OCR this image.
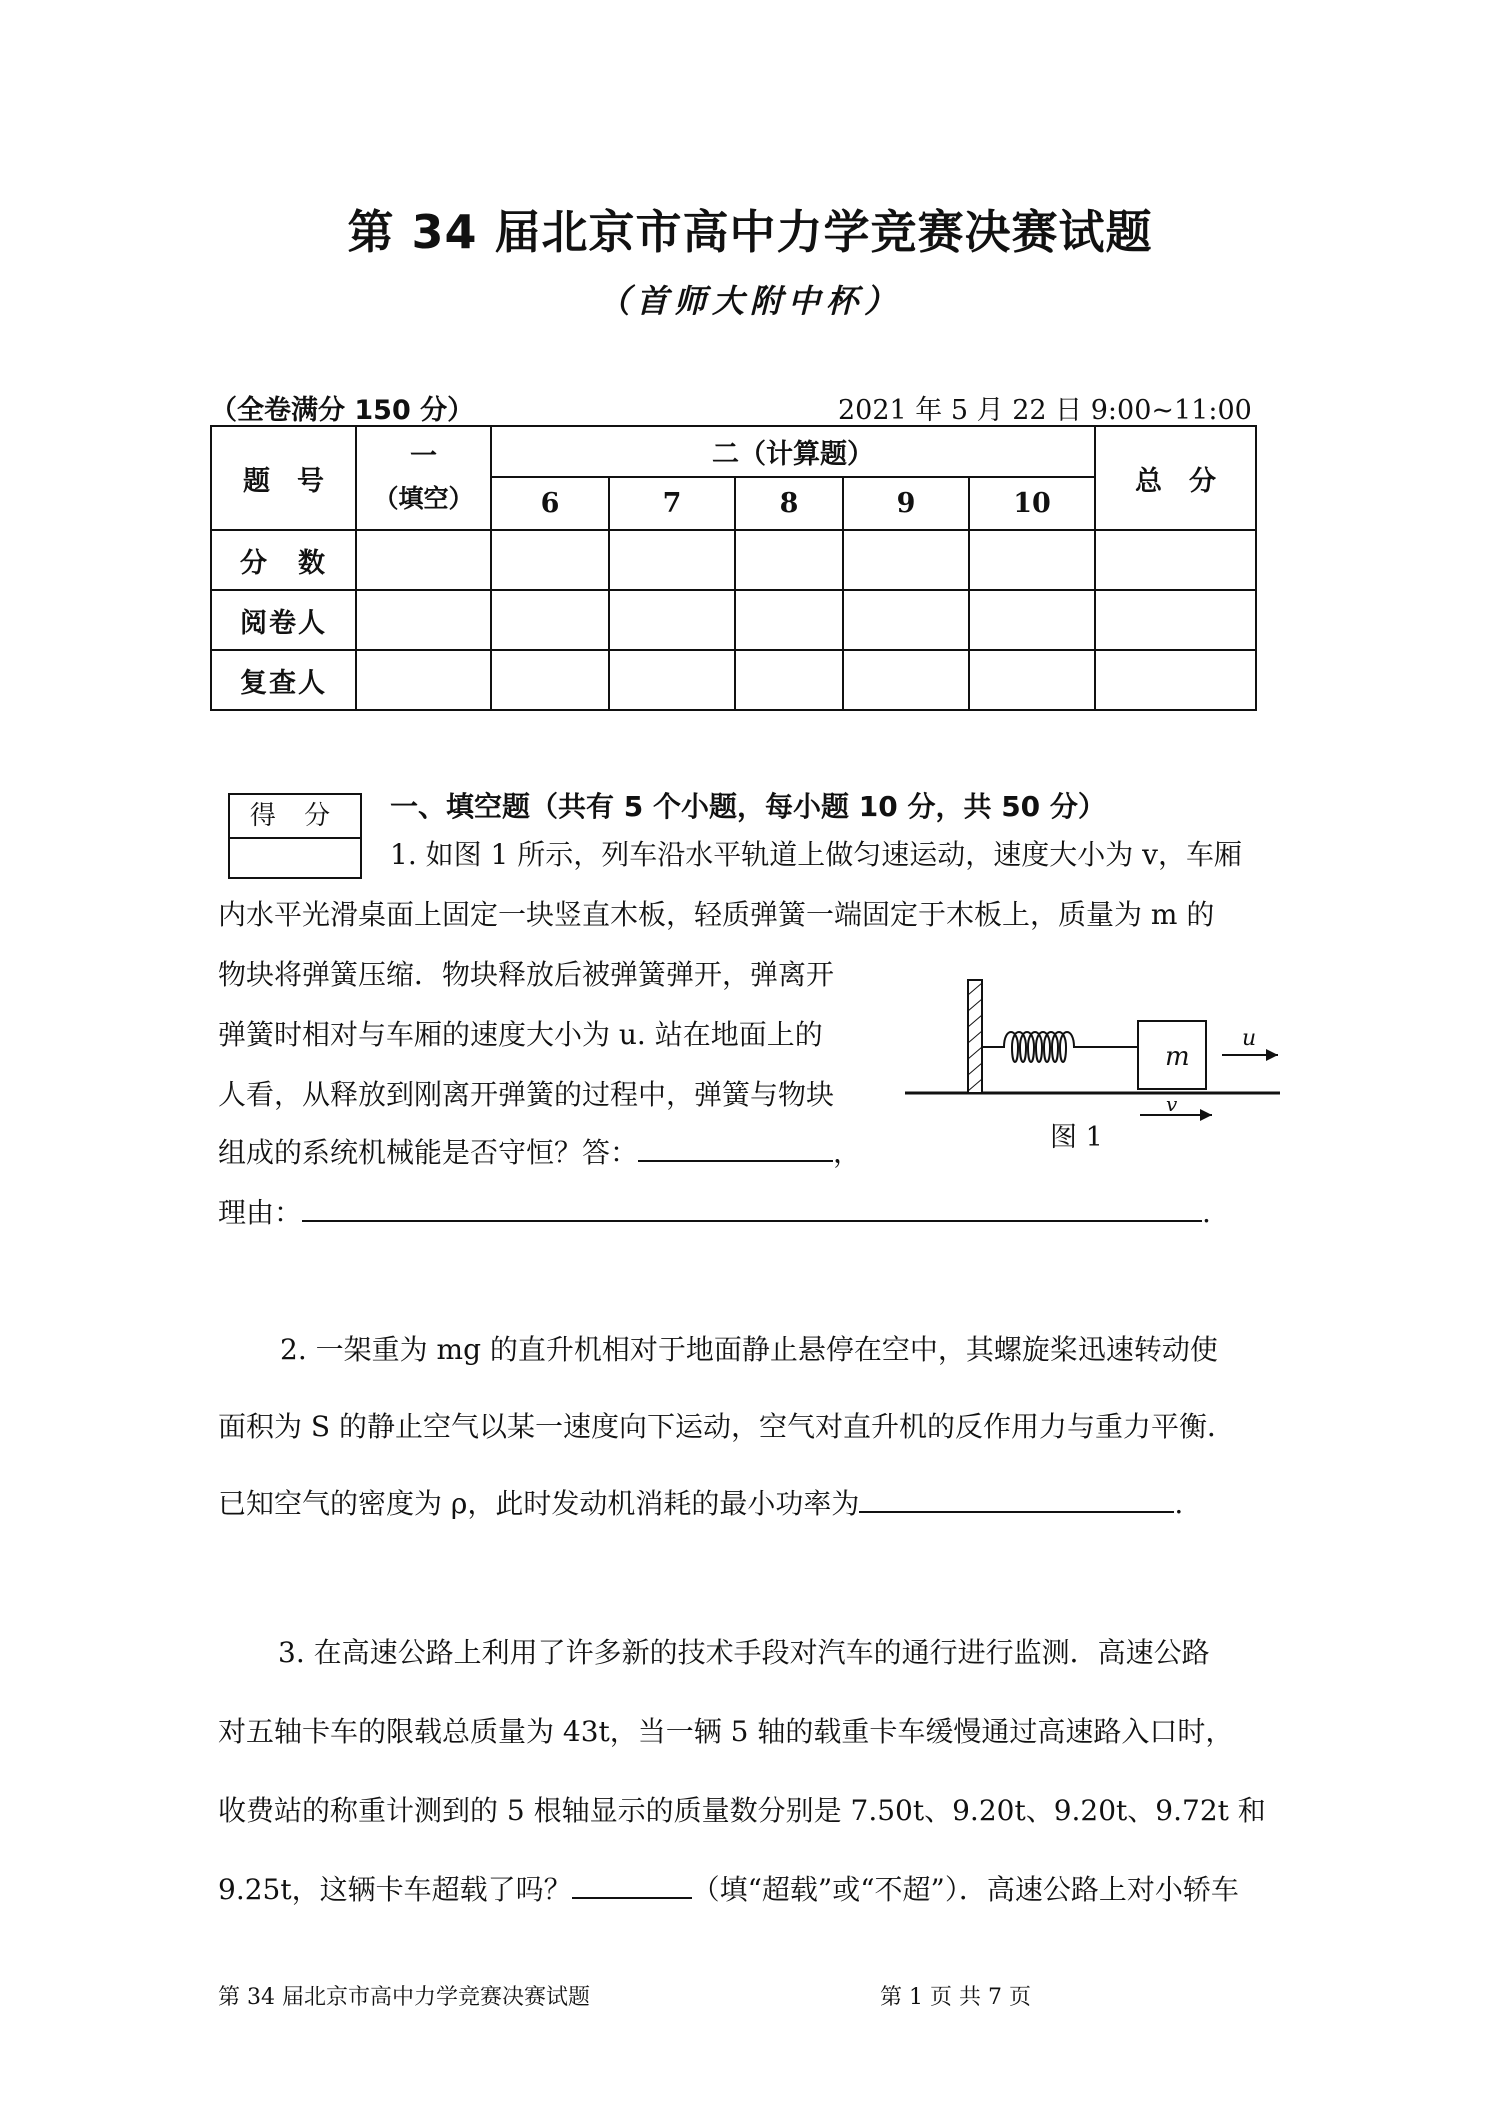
第 34 届北京市高中力学竞赛决赛试题
（首师大附中杯）
（全卷满分 150 分）	2021 年 5 月 22 日 9:00~11:00
题　号	一	二（计算题）					总　分
	（填空）	6	7	8	9	10	
分　数							
阅卷人							
复查人							
得 分	一、填空题（共有 5 个小题，每小题 10 分，共 50 分）
1. 如图 1 所示，列车沿水平轨道上做匀速运动，速度大小为 v，车厢
内水平光滑桌面上固定一块竖直木板，轻质弹簧一端固定于木板上，质量为 m 的
物块将弹簧压缩．物块释放后被弹簧弹开，弹离开
弹簧时相对与车厢的速度大小为 u. 站在地面上的
人看，从释放到刚离开弹簧的过程中，弹簧与物块
组成的系统机械能是否守恒？答：	，
理由：	.
m
u
v
图 1
2. 一架重为 mg 的直升机相对于地面静止悬停在空中，其螺旋桨迅速转动使
面积为 S 的静止空气以某一速度向下运动，空气对直升机的反作用力与重力平衡．
已知空气的密度为 ρ，此时发动机消耗的最小功率为	.
3. 在高速公路上利用了许多新的技术手段对汽车的通行进行监测．高速公路
对五轴卡车的限载总质量为 43t，当一辆 5 轴的载重卡车缓慢通过高速路入口时，
收费站的称重计测到的 5 根轴显示的质量数分别是 7.50t、9.20t、9.20t、9.72t 和
9.25t，这辆卡车超载了吗？	（填“超载”或“不超”）．高速公路上对小轿车
第 34 届北京市高中力学竞赛决赛试题	第 1 页 共 7 页
